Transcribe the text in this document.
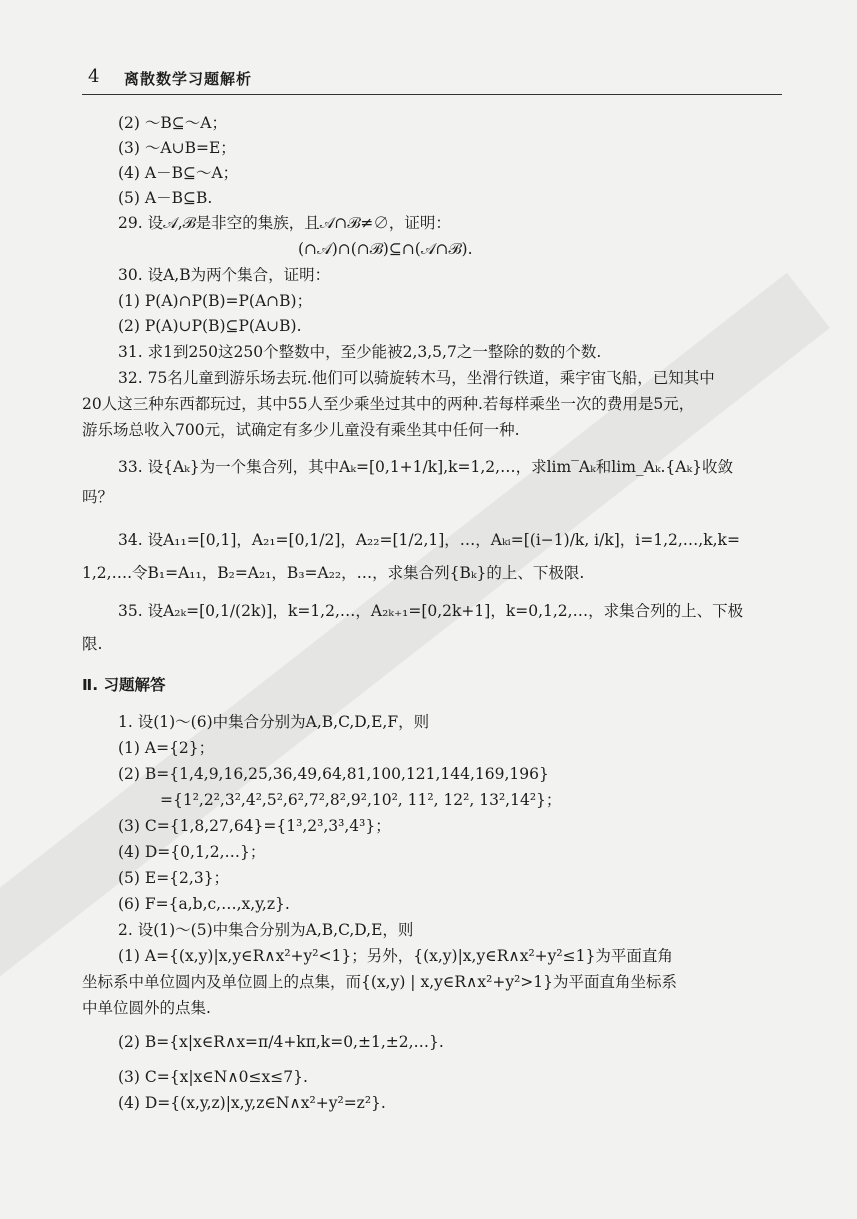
4 离散数学习题解析
(2) ～B⊆～A；
(3) ～A∪B=E；
(4) A－B⊆～A；
(5) A－B⊆B.
29. 设𝒜,ℬ是非空的集族，且𝒜∩ℬ≠∅，证明：
(∩𝒜)∩(∩ℬ)⊆∩(𝒜∩ℬ).
30. 设A,B为两个集合，证明：
(1) P(A)∩P(B)=P(A∩B)；
(2) P(A)∪P(B)⊆P(A∪B).
31. 求1到250这250个整数中，至少能被2,3,5,7之一整除的数的个数.
32. 75名儿童到游乐场去玩.他们可以骑旋转木马，坐滑行铁道，乘宇宙飞船，已知其中
20人这三种东西都玩过，其中55人至少乘坐过其中的两种.若每样乘坐一次的费用是5元，
游乐场总收入700元，试确定有多少儿童没有乘坐其中任何一种.
33. 设{Aₖ}为一个集合列，其中Aₖ=[0,1+1/k],k=1,2,…，求lim‾Aₖ和lim_Aₖ.{Aₖ}收敛
吗？
34. 设A₁₁=[0,1]，A₂₁=[0,1/2]，A₂₂=[1/2,1]，…，Aₖᵢ=[(i−1)/k, i/k]，i=1,2,…,k,k=
1,2,….令B₁=A₁₁，B₂=A₂₁，B₃=A₂₂，…，求集合列{Bₖ}的上、下极限.
35. 设A₂ₖ=[0,1/(2k)]，k=1,2,…，A₂ₖ₊₁=[0,2k+1]，k=0,1,2,…，求集合列的上、下极
限.
Ⅱ. 习题解答
1. 设(1)～(6)中集合分别为A,B,C,D,E,F，则
(1) A={2}；
(2) B={1,4,9,16,25,36,49,64,81,100,121,144,169,196}
={1²,2²,3²,4²,5²,6²,7²,8²,9²,10², 11², 12², 13²,14²}；
(3) C={1,8,27,64}={1³,2³,3³,4³}；
(4) D={0,1,2,…}；
(5) E={2,3}；
(6) F={a,b,c,…,x,y,z}.
2. 设(1)～(5)中集合分别为A,B,C,D,E，则
(1) A={(x,y)|x,y∈R∧x²+y²<1}；另外，{(x,y)|x,y∈R∧x²+y²≤1}为平面直角
坐标系中单位圆内及单位圆上的点集，而{(x,y) | x,y∈R∧x²+y²>1}为平面直角坐标系
中单位圆外的点集.
(2) B={x|x∈R∧x=π/4+kπ,k=0,±1,±2,…}.
(3) C={x|x∈N∧0≤x≤7}.
(4) D={(x,y,z)|x,y,z∈N∧x²+y²=z²}.
